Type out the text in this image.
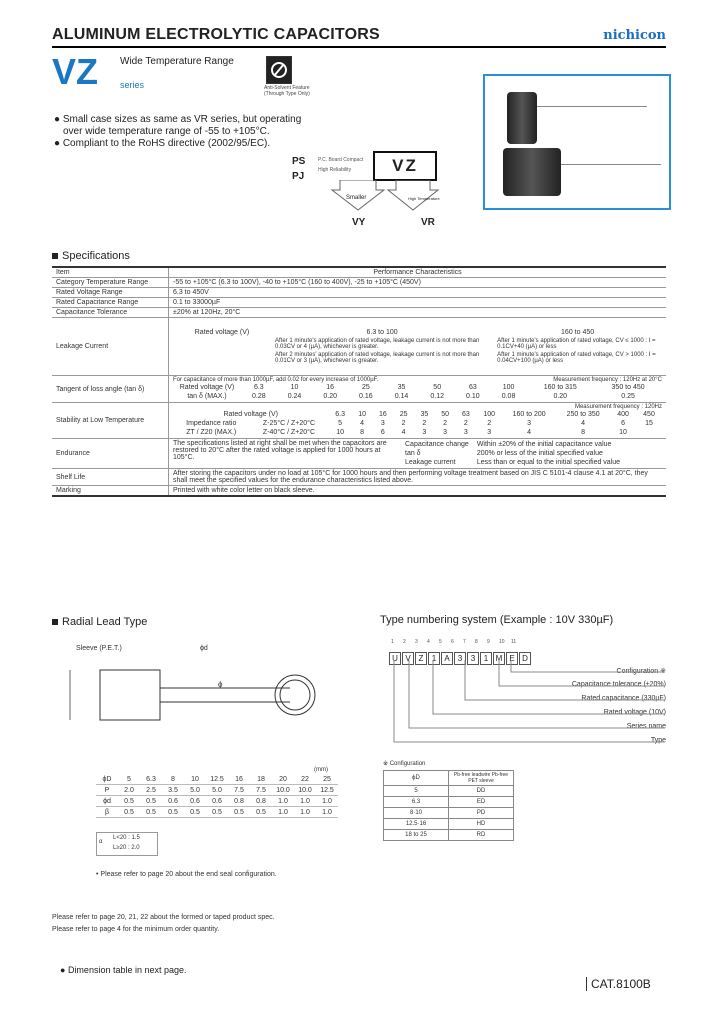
ALUMINUM ELECTROLYTIC CAPACITORS	nichicon
VZ Wide Temperature Range
series	Anti-Solvent Feature (Through Type Only)
● Small case sizes as same as VR series, but operating over wide temperature range of -55 to +105°C.
● Compliant to the RoHS directive (2002/95/EC).
PS
PJ
P.C. Board Compact
High Reliability	VZ
Smaller	High Temperature
VY	VR
Specifications
Item	Performance Characteristics
Category Temperature Range	-55 to +105°C (6.3 to 100V), -40 to +105°C (160 to 400V), -25 to +105°C (450V)
Rated Voltage Range	6.3 to 450V
Rated Capacitance Range	0.1 to 33000µF
Capacitance Tolerance	±20% at 120Hz, 20°C
Leakage Current	
Rated voltage (V)	6.3 to 100	160 to 450
	After 1 minute's application of rated voltage, leakage current is not more than 0.03CV or 4 (µA), whichever is greater.	After 1 minute's application of rated voltage, CV ≤ 1000 : I = 0.1CV+40 (µA) or less
	After 2 minutes' application of rated voltage, leakage current is not more than 0.01CV or 3 (µA), whichever is greater.	After 1 minute's application of rated voltage, CV > 1000 : I = 0.04CV+100 (µA) or less

Tangent of loss angle (tan δ)	
For capacitance of more than 1000µF, add 0.02 for every increase of 1000µF.	Measurement frequency : 120Hz at 20°C
Rated voltage (V)	6.3	10	16	25	35	50	63	100	160 to 315	350 to 450
tan δ (MAX.)	0.28	0.24	0.20	0.16	0.14	0.12	0.10	0.08	0.20	0.25

Stability at Low Temperature	
Measurement frequency : 120Hz
Rated voltage (V)	6.3	10	16	25	35	50	63	100	160 to 200	250 to 350	400	450
Impedance ratio	Z-25°C / Z+20°C	5	4	3	2	2	2	2	2	3	4	6	15
ZT / Z20 (MAX.)	Z-40°C / Z+20°C	10	8	6	4	3	3	3	3	4	8	10	

Endurance	
The specifications listed at right shall be met when the capacitors are restored to 20°C after the rated voltage is applied for 1000 hours at 105°C.
Capacitance change	Within ±20% of the initial capacitance value
tan δ	200% or less of the initial specified value
Leakage current	Less than or equal to the initial specified value

Shelf Life	After storing the capacitors under no load at 105°C for 1000 hours and then performing voltage treatment based on JIS C 5101-4 clause 4.1 at 20°C, they shall meet the specified values for the endurance characteristics listed above.
Marking	Printed with white color letter on black sleeve.
Radial Lead Type
Sleeve (P.E.T.)	ϕd
ϕ
(mm)
ϕD	5	6.3	8	10	12.5	16	18	20	22	25
P	2.0	2.5	3.5	5.0	5.0	7.5	7.5	10.0	10.0	12.5
ϕd	0.5	0.5	0.6	0.6	0.6	0.8	0.8	1.0	1.0	1.0
β	0.5	0.5	0.5	0.5	0.5	0.5	0.5	1.0	1.0	1.0
α
L<20 : 1.5
L≥20 : 2.0
• Please refer to page 20 about the end seal configuration.
Type numbering system (Example : 10V 330µF)
1 2 3 4 5 6 7 8 9 10 11
U V Z 1 A 3 3 1 M E D
Configuration ※
Capacitance tolerance (±20%)
Rated capacitance (330µF)
Rated voltage (10V)
Series name
Type
※ Configuration
ϕD	Pb-free leadwire Pb-free PET sleeve
5	DD
6.3	ED
8·10	PD
12.5·16	HD
18 to 25	RD
Please refer to page 20, 21, 22 about the formed or taped product spec.
Please refer to page 4 for the minimum order quantity.
● Dimension table in next page.
CAT.8100B
